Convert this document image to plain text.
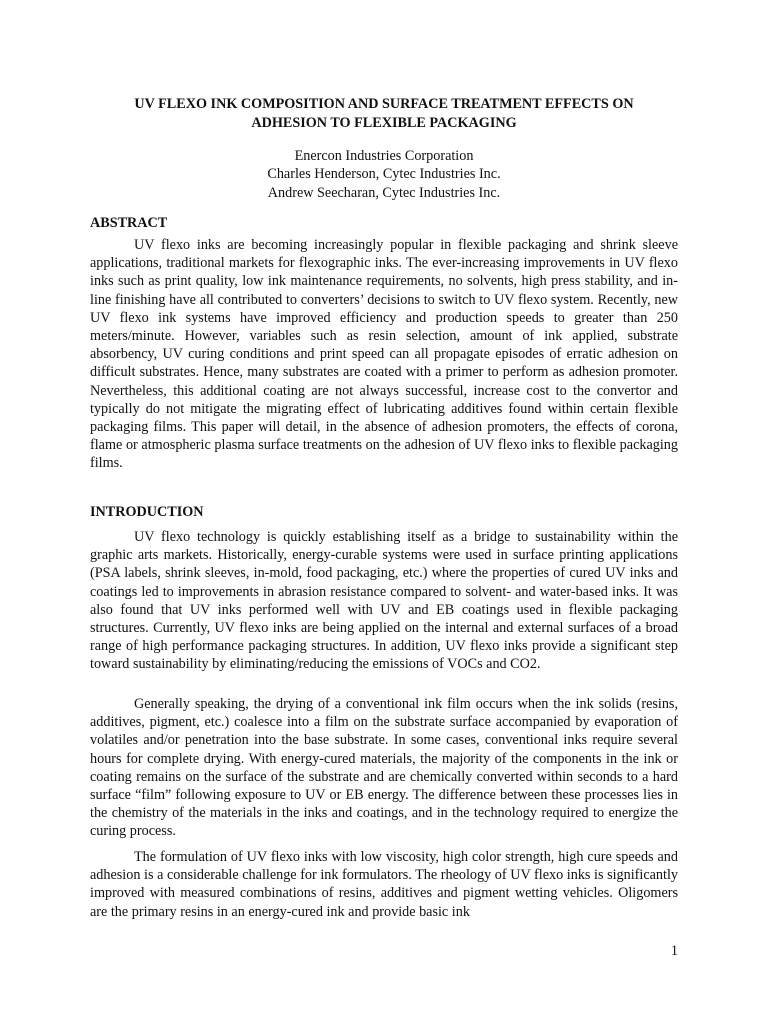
UV FLEXO INK COMPOSITION AND SURFACE TREATMENT EFFECTS ON
ADHESION TO FLEXIBLE PACKAGING
Enercon Industries Corporation
Charles Henderson, Cytec Industries Inc.
Andrew Seecharan, Cytec Industries Inc.
ABSTRACT

UV flexo inks are becoming increasingly popular in flexible packaging and shrink sleeve applications, traditional markets for flexographic inks. The ever-increasing improvements in UV flexo inks such as print quality, low ink maintenance requirements, no solvents, high press stability, and in-line finishing have all contributed to converters’ decisions to switch to UV flexo system. Recently, new UV flexo ink systems have improved efficiency and production speeds to greater than 250 meters/minute. However, variables such as resin selection, amount of ink applied, substrate absorbency, UV curing conditions and print speed can all propagate episodes of erratic adhesion on difficult substrates. Hence, many substrates are coated with a primer to perform as adhesion promoter. Nevertheless, this additional coating are not always successful, increase cost to the convertor and typically do not mitigate the migrating effect of lubricating additives found within certain flexible packaging films. This paper will detail, in the absence of adhesion promoters, the effects of corona, flame or atmospheric plasma surface treatments on the adhesion of UV flexo inks to flexible packaging films.

INTRODUCTION

UV flexo technology is quickly establishing itself as a bridge to sustainability within the graphic arts markets. Historically, energy-curable systems were used in surface printing applications (PSA labels, shrink sleeves, in-mold, food packaging, etc.) where the properties of cured UV inks and coatings led to improvements in abrasion resistance compared to solvent- and water-based inks. It was also found that UV inks performed well with UV and EB coatings used in flexible packaging structures. Currently, UV flexo inks are being applied on the internal and external surfaces of a broad range of high performance packaging structures. In addition, UV flexo inks provide a significant step toward sustainability by eliminating/reducing the emissions of VOCs and CO2.

Generally speaking, the drying of a conventional ink film occurs when the ink solids (resins, additives, pigment, etc.) coalesce into a film on the substrate surface accompanied by evaporation of volatiles and/or penetration into the base substrate. In some cases, conventional inks require several hours for complete drying. With energy-cured materials, the majority of the components in the ink or coating remains on the surface of the substrate and are chemically converted within seconds to a hard surface “film” following exposure to UV or EB energy. The difference between these processes lies in the chemistry of the materials in the inks and coatings, and in the technology required to energize the curing process.

The formulation of UV flexo inks with low viscosity, high color strength, high cure speeds and adhesion is a considerable challenge for ink formulators. The rheology of UV flexo inks is significantly improved with measured combinations of resins, additives and pigment wetting vehicles. Oligomers are the primary resins in an energy-cured ink and provide basic ink

1
